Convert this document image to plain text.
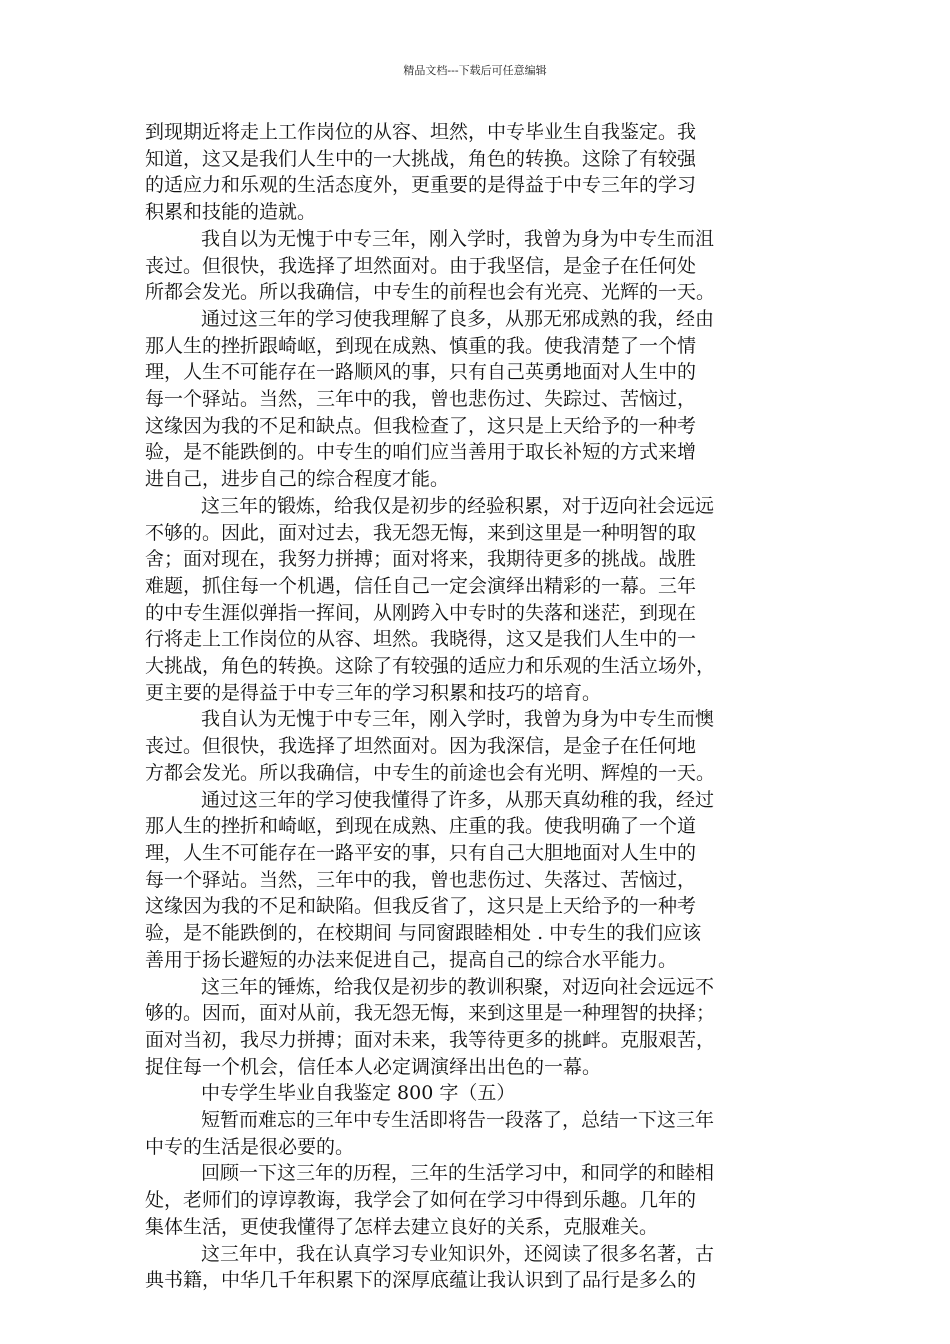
精品文档---下载后可任意编辑
到现期近将走上工作岗位的从容、坦然，中专毕业生自我鉴定。我
知道，这又是我们人生中的一大挑战，角色的转换。这除了有较强
的适应力和乐观的生活态度外，更重要的是得益于中专三年的学习
积累和技能的造就。
我自以为无愧于中专三年，刚入学时，我曾为身为中专生而沮
丧过。但很快，我选择了坦然面对。由于我坚信，是金子在任何处
所都会发光。所以我确信，中专生的前程也会有光亮、光辉的一天。
通过这三年的学习使我理解了良多，从那无邪成熟的我，经由
那人生的挫折跟崎岖，到现在成熟、慎重的我。使我清楚了一个情
理，人生不可能存在一路顺风的事，只有自己英勇地面对人生中的
每一个驿站。当然，三年中的我，曾也悲伤过、失踪过、苦恼过，
这缘因为我的不足和缺点。但我检查了，这只是上天给予的一种考
验，是不能跌倒的。中专生的咱们应当善用于取长补短的方式来增
进自己，进步自己的综合程度才能。
这三年的锻炼，给我仅是初步的经验积累，对于迈向社会远远
不够的。因此，面对过去，我无怨无悔，来到这里是一种明智的取
舍；面对现在，我努力拼搏；面对将来，我期待更多的挑战。战胜
难题，抓住每一个机遇，信任自己一定会演绎出精彩的一幕。三年
的中专生涯似弹指一挥间，从刚跨入中专时的失落和迷茫，到现在
行将走上工作岗位的从容、坦然。我晓得，这又是我们人生中的一
大挑战，角色的转换。这除了有较强的适应力和乐观的生活立场外，
更主要的是得益于中专三年的学习积累和技巧的培育。
我自认为无愧于中专三年，刚入学时，我曾为身为中专生而懊
丧过。但很快，我选择了坦然面对。因为我深信，是金子在任何地
方都会发光。所以我确信，中专生的前途也会有光明、辉煌的一天。
通过这三年的学习使我懂得了许多，从那天真幼稚的我，经过
那人生的挫折和崎岖，到现在成熟、庄重的我。使我明确了一个道
理，人生不可能存在一路平安的事，只有自己大胆地面对人生中的
每一个驿站。当然，三年中的我，曾也悲伤过、失落过、苦恼过，
这缘因为我的不足和缺陷。但我反省了，这只是上天给予的一种考
验，是不能跌倒的，在校期间 与同窗跟睦相处 . 中专生的我们应该
善用于扬长避短的办法来促进自己，提高自己的综合水平能力。
这三年的锤炼，给我仅是初步的教训积聚，对迈向社会远远不
够的。因而，面对从前，我无怨无悔，来到这里是一种理智的抉择；
面对当初，我尽力拼搏；面对未来，我等待更多的挑衅。克服艰苦，
捉住每一个机会，信任本人必定调演绎出出色的一幕。
中专学生毕业自我鉴定 800 字（五）
短暂而难忘的三年中专生活即将告一段落了，总结一下这三年
中专的生活是很必要的。
回顾一下这三年的历程，三年的生活学习中，和同学的和睦相
处，老师们的谆谆教诲，我学会了如何在学习中得到乐趣。几年的
集体生活，更使我懂得了怎样去建立良好的关系，克服难关。
这三年中，我在认真学习专业知识外，还阅读了很多名著，古
典书籍，中华几千年积累下的深厚底蕴让我认识到了品行是多么的
